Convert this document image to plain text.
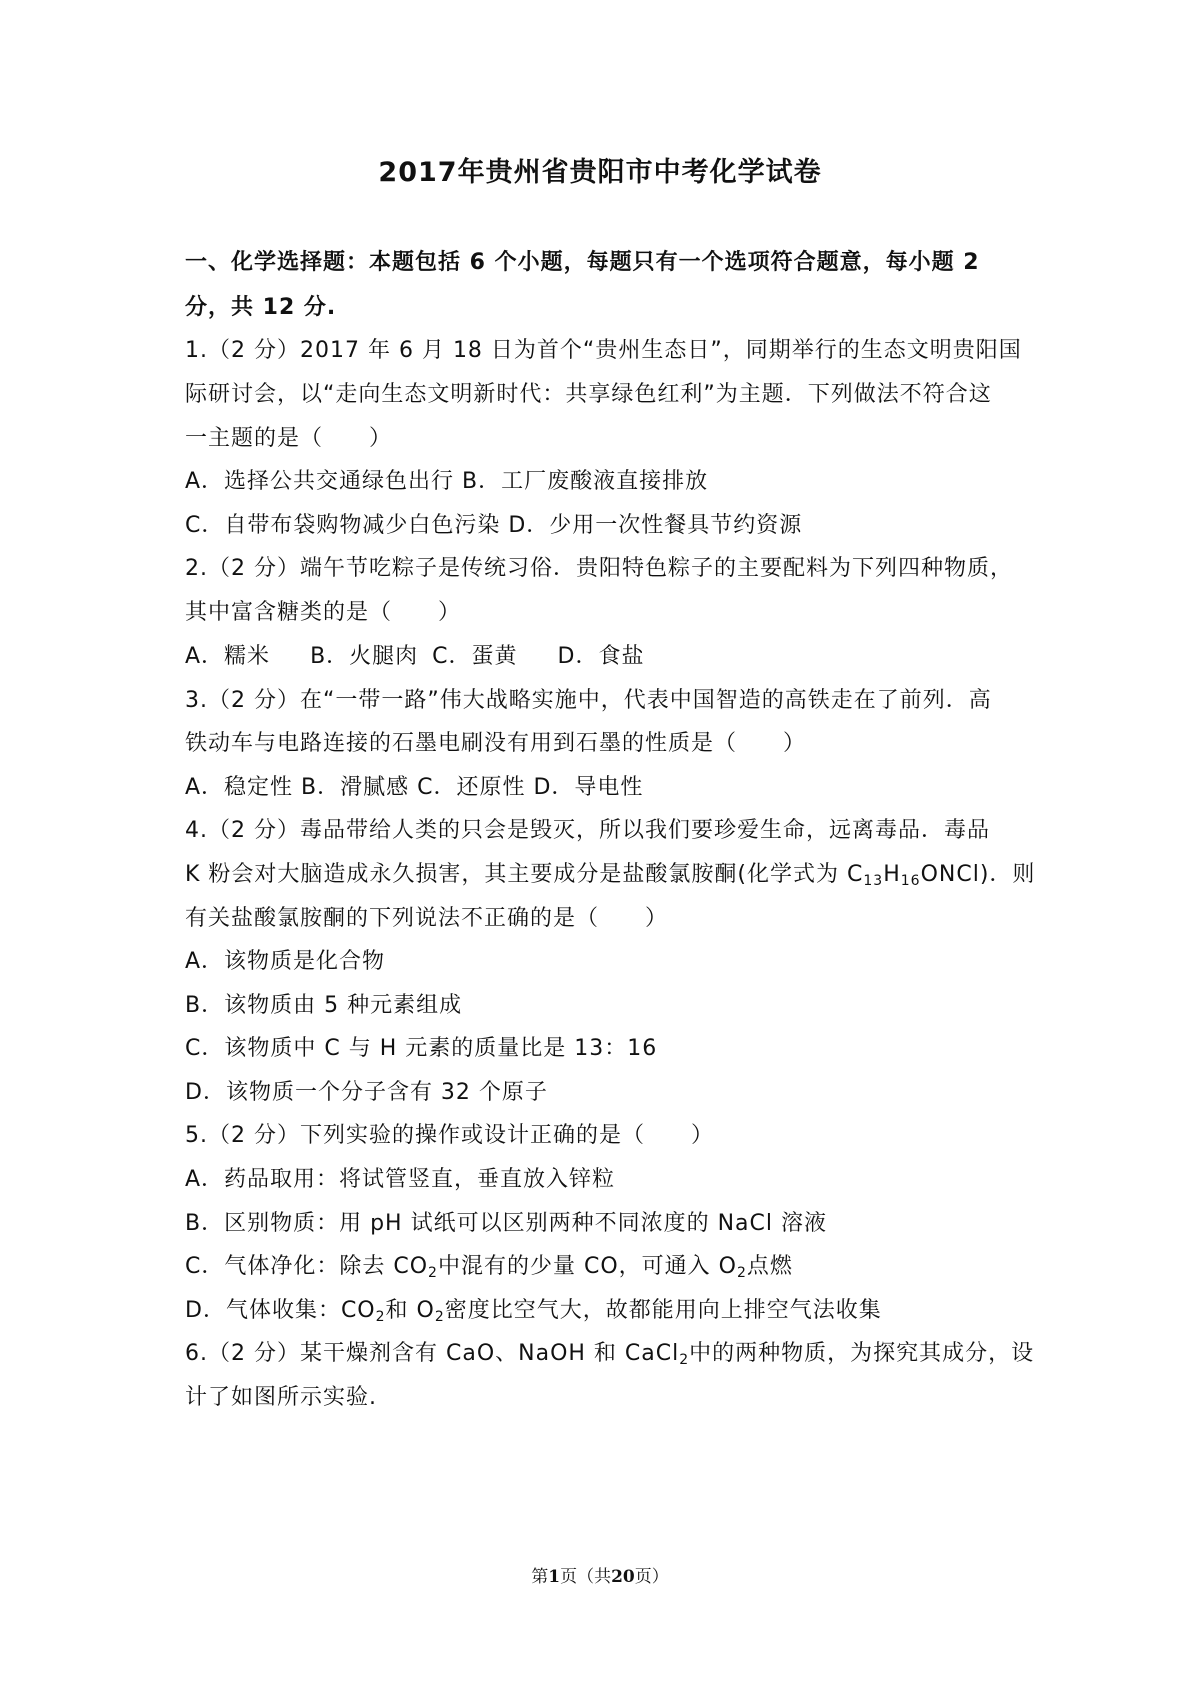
2017年贵州省贵阳市中考化学试卷
一、化学选择题：本题包括 6 个小题，每题只有一个选项符合题意，每小题 2
分，共 12 分.
1.（2 分）2017 年 6 月 18 日为首个“贵州生态日”，同期举行的生态文明贵阳国
际研讨会，以“走向生态文明新时代：共享绿色红利”为主题．下列做法不符合这
一主题的是（　　）
A．选择公共交通绿色出行 B．工厂废酸液直接排放
C．自带布袋购物减少白色污染 D．少用一次性餐具节约资源
2.（2 分）端午节吃粽子是传统习俗．贵阳特色粽子的主要配料为下列四种物质，
其中富含糖类的是（　　）
A．糯米 B．火腿肉 C．蛋黄 D．食盐
3.（2 分）在“一带一路”伟大战略实施中，代表中国智造的高铁走在了前列．高
铁动车与电路连接的石墨电刷没有用到石墨的性质是（　　）
A．稳定性 B．滑腻感 C．还原性 D．导电性
4.（2 分）毒品带给人类的只会是毁灭，所以我们要珍爱生命，远离毒品．毒品
K 粉会对大脑造成永久损害，其主要成分是盐酸氯胺酮(化学式为 $C_{13}H_{16}ONCl$)．则
有关盐酸氯胺酮的下列说法不正确的是（　　）
A．该物质是化合物
B．该物质由 5 种元素组成
C．该物质中 C 与 H 元素的质量比是 13：16
D．该物质一个分子含有 32 个原子
5.（2 分）下列实验的操作或设计正确的是（　　）
A．药品取用：将试管竖直，垂直放入锌粒
B．区别物质：用 pH 试纸可以区别两种不同浓度的 NaCl 溶液
C．气体净化：除去 $CO_2$中混有的少量 CO，可通入 $O_2$点燃
D．气体收集：$CO_2$和 $O_2$密度比空气大，故都能用向上排空气法收集
6.（2 分）某干燥剂含有 CaO、NaOH 和 CaCl$_2$中的两种物质，为探究其成分，设
计了如图所示实验.
第1页（共20页）
